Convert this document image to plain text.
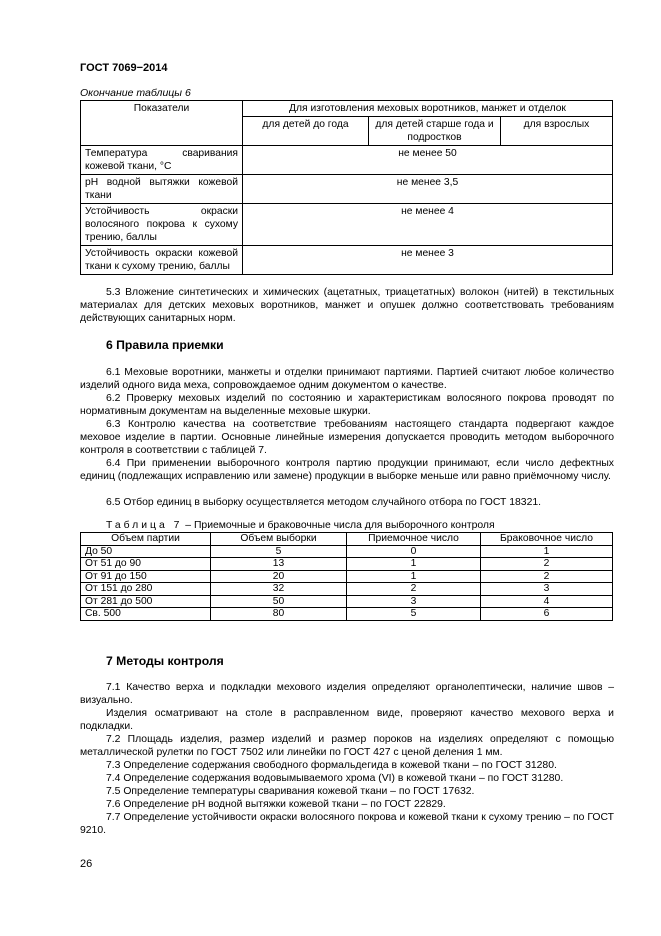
ГОСТ 7069−2014
Окончание таблицы 6
Показатели	Для изготовления меховых воротников, манжет и отделок		
	для детей до года	для детей старше года и подростков	для взрослых
Температура сваривания кожевой ткани, °С	не менее 50		
рН водной вытяжки кожевой ткани	не менее 3,5		
Устойчивость окраски волосяного покрова к сухому трению, баллы	не менее 4		
Устойчивость окраски кожевой ткани к сухому трению, баллы	не менее 3		

5.3 Вложение синтетических и химических (ацетатных, триацетатных) волокон (нитей) в текстильных материалах для детских меховых воротников, манжет и опушек должно соответствовать требованиям действующих санитарных норм.

6 Правила приемки

6.1 Меховые воротники, манжеты и отделки принимают партиями. Партией считают любое количество изделий одного вида меха, сопровождаемое одним документом о качестве.

6.2 Проверку меховых изделий по состоянию и характеристикам волосяного покрова проводят по нормативным документам на выделенные меховые шкурки.

6.3 Контролю качества на соответствие требованиям настоящего стандарта подвергают каждое меховое изделие в партии. Основные линейные измерения допускается проводить методом выборочного контроля в соответствии с таблицей 7.

6.4 При применении выборочного контроля партию продукции принимают, если число дефектных единиц (подлежащих исправлению или замене) продукции в выборке меньше или равно приёмочному числу.

6.5 Отбор единиц в выборку осуществляется методом случайного отбора по ГОСТ 18321.

Таблица 7 – Приемочные и браковочные числа для выборочного контроля
Объем партии	Объем выборки	Приемочное число	Браковочное число
До 50	5	0	1
От 51 до 90	13	1	2
От 91 до 150	20	1	2
От 151 до 280	32	2	3
От 281 до 500	50	3	4
Св. 500	80	5	6
7 Методы контроля

7.1 Качество верха и подкладки мехового изделия определяют органолептически, наличие швов – визуально.

Изделия осматривают на столе в расправленном виде, проверяют качество мехового верха и подкладки.

7.2 Площадь изделия, размер изделий и размер пороков на изделиях определяют с помощью металлической рулетки по ГОСТ 7502 или линейки по ГОСТ 427 с ценой деления 1 мм.

7.3 Определение содержания свободного формальдегида в кожевой ткани – по ГОСТ 31280.

7.4 Определение содержания водовымываемого хрома (VI) в кожевой ткани – по ГОСТ 31280.

7.5 Определение температуры сваривания кожевой ткани – по ГОСТ 17632.

7.6 Определение рН водной вытяжки кожевой ткани – по ГОСТ 22829.

7.7 Определение устойчивости окраски волосяного покрова и кожевой ткани к сухому трению – по ГОСТ 9210.

26
